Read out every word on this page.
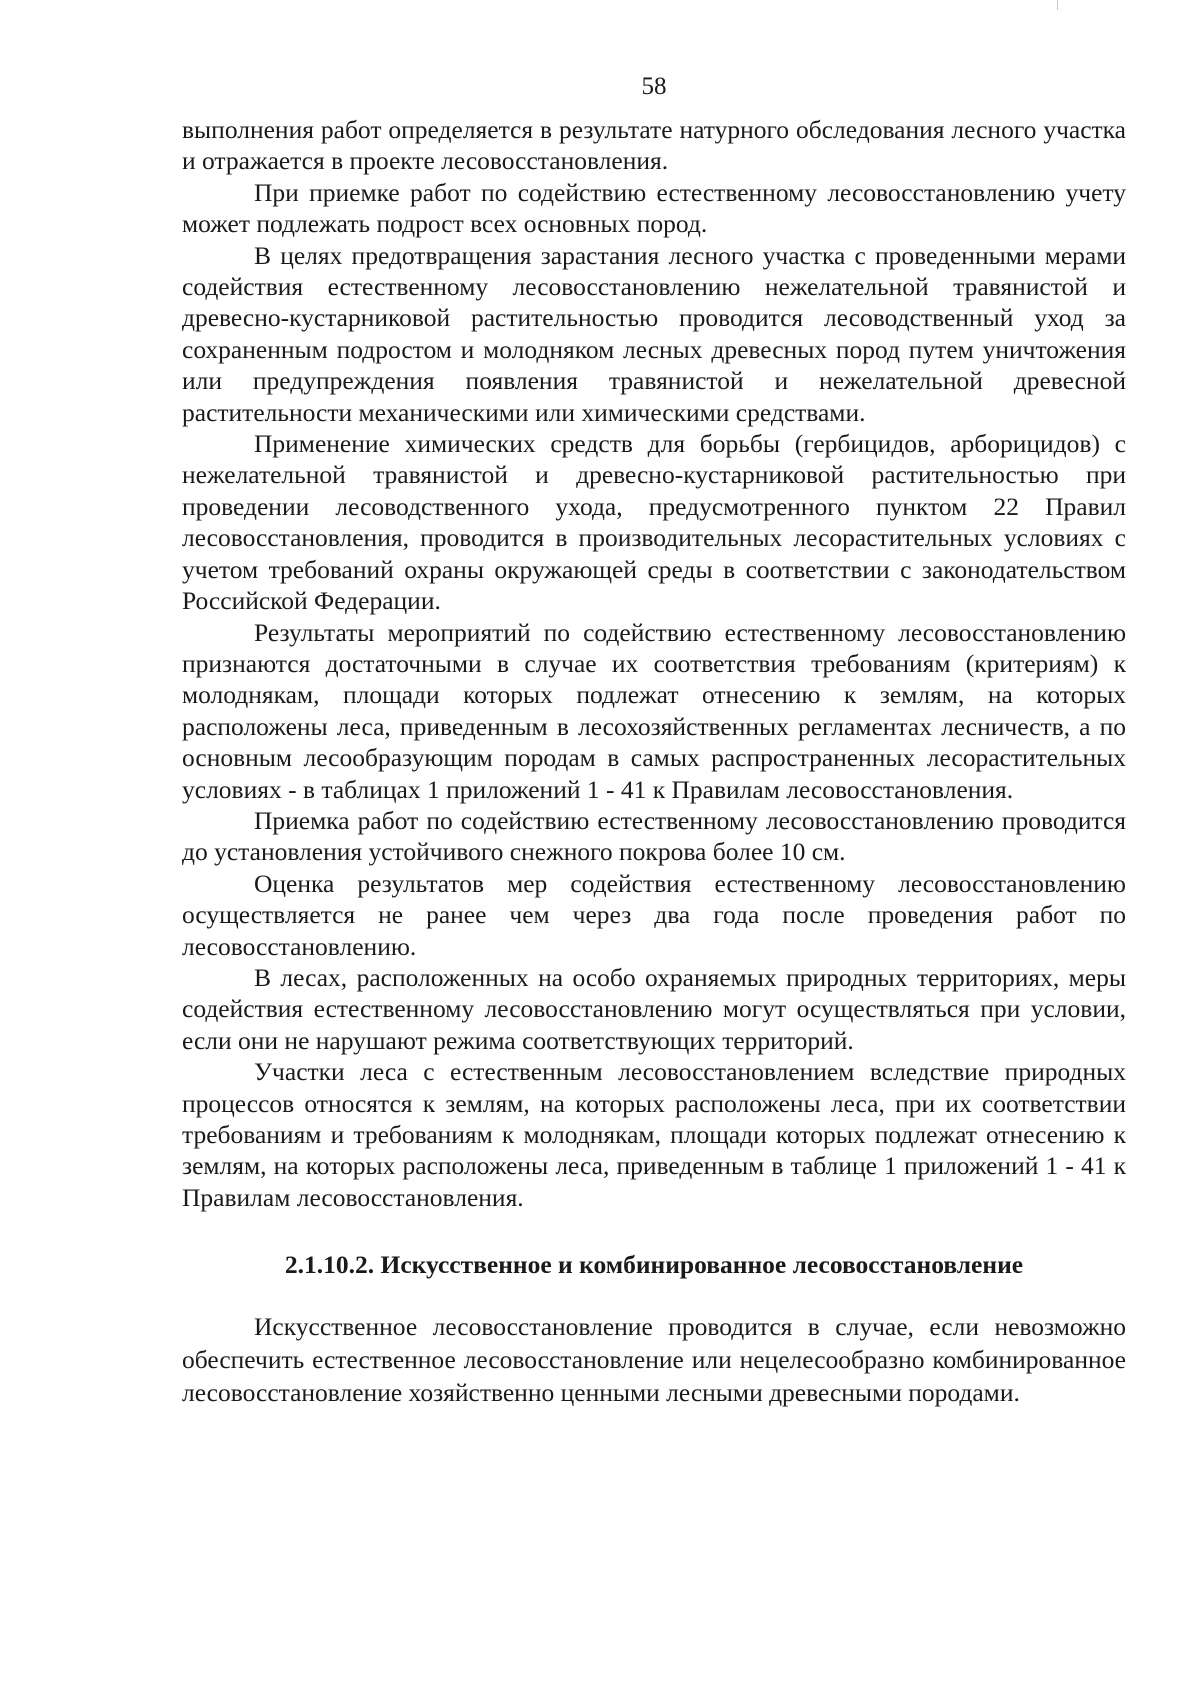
58

выполнения работ определяется в результате натурного обследования лесного участка и отражается в проекте лесовосстановления.

При приемке работ по содействию естественному лесовосстановлению учету может подлежать подрост всех основных пород.

В целях предотвращения зарастания лесного участка с проведенными мерами содействия естественному лесовосстановлению нежелательной травянистой и древесно-кустарниковой растительностью проводится лесоводственный уход за сохраненным подростом и молодняком лесных древесных пород путем уничтожения или предупреждения появления травянистой и нежелательной древесной растительности механическими или химическими средствами.

Применение химических средств для борьбы (гербицидов, арборицидов) с нежелательной травянистой и древесно-кустарниковой растительностью при проведении лесоводственного ухода, предусмотренного пунктом 22 Правил лесовосстановления, проводится в производительных лесорастительных условиях с учетом требований охраны окружающей среды в соответствии с законодательством Российской Федерации.

Результаты мероприятий по содействию естественному лесовосстановлению признаются достаточными в случае их соответствия требованиям (критериям) к молоднякам, площади которых подлежат отнесению к землям, на которых расположены леса, приведенным в лесохозяйственных регламентах лесничеств, а по основным лесообразующим породам в самых распространенных лесорастительных условиях - в таблицах 1 приложений 1 - 41 к Правилам лесовосстановления.

Приемка работ по содействию естественному лесовосстановлению проводится до установления устойчивого снежного покрова более 10 см.

Оценка результатов мер содействия естественному лесовосстановлению осуществляется не ранее чем через два года после проведения работ по лесовосстановлению.

В лесах, расположенных на особо охраняемых природных территориях, меры содействия естественному лесовосстановлению могут осуществляться при условии, если они не нарушают режима соответствующих территорий.

Участки леса с естественным лесовосстановлением вследствие природных процессов относятся к землям, на которых расположены леса, при их соответствии требованиям и требованиям к молоднякам, площади которых подлежат отнесению к землям, на которых расположены леса, приведенным в таблице 1 приложений 1 - 41 к Правилам лесовосстановления.

2.1.10.2. Искусственное и комбинированное лесовосстановление

Искусственное лесовосстановление проводится в случае, если невозможно обеспечить естественное лесовосстановление или нецелесообразно комбинированное лесовосстановление хозяйственно ценными лесными древесными породами.
